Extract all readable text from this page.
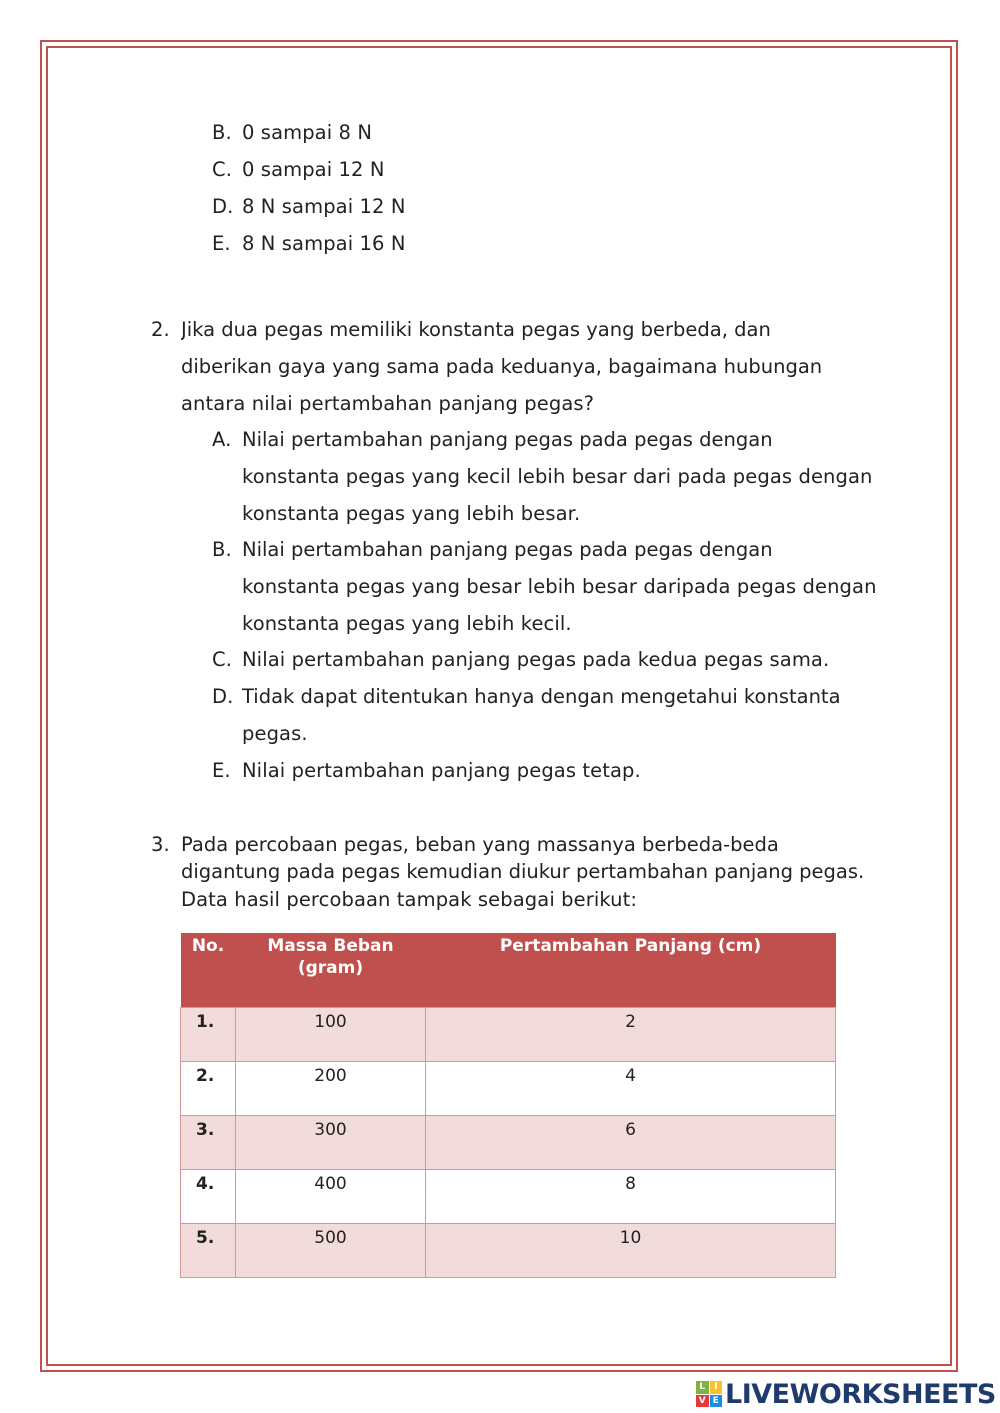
B. 0 sampai 8 N
C. 0 sampai 12 N
D. 8 N sampai 12 N
E. 8 N sampai 16 N
2. Jika dua pegas memiliki konstanta pegas yang berbeda, dan
diberikan gaya yang sama pada keduanya, bagaimana hubungan
antara nilai pertambahan panjang pegas?
A. Nilai pertambahan panjang pegas pada pegas dengan
konstanta pegas yang kecil lebih besar dari pada pegas dengan
konstanta pegas yang lebih besar.
B. Nilai pertambahan panjang pegas pada pegas dengan
konstanta pegas yang besar lebih besar daripada pegas dengan
konstanta pegas yang lebih kecil.
C. Nilai pertambahan panjang pegas pada kedua pegas sama.
D. Tidak dapat ditentukan hanya dengan mengetahui konstanta
pegas.
E. Nilai pertambahan panjang pegas tetap.
3. Pada percobaan pegas, beban yang massanya berbeda-beda
digantung pada pegas kemudian diukur pertambahan panjang pegas.
Data hasil percobaan tampak sebagai berikut:
No.	Massa Beban (gram)	Pertambahan Panjang (cm)
1.	100	2
2.	200	4
3.	300	6
4.	400	8
5.	500	10
L I
V E LIVEWORKSHEETS
